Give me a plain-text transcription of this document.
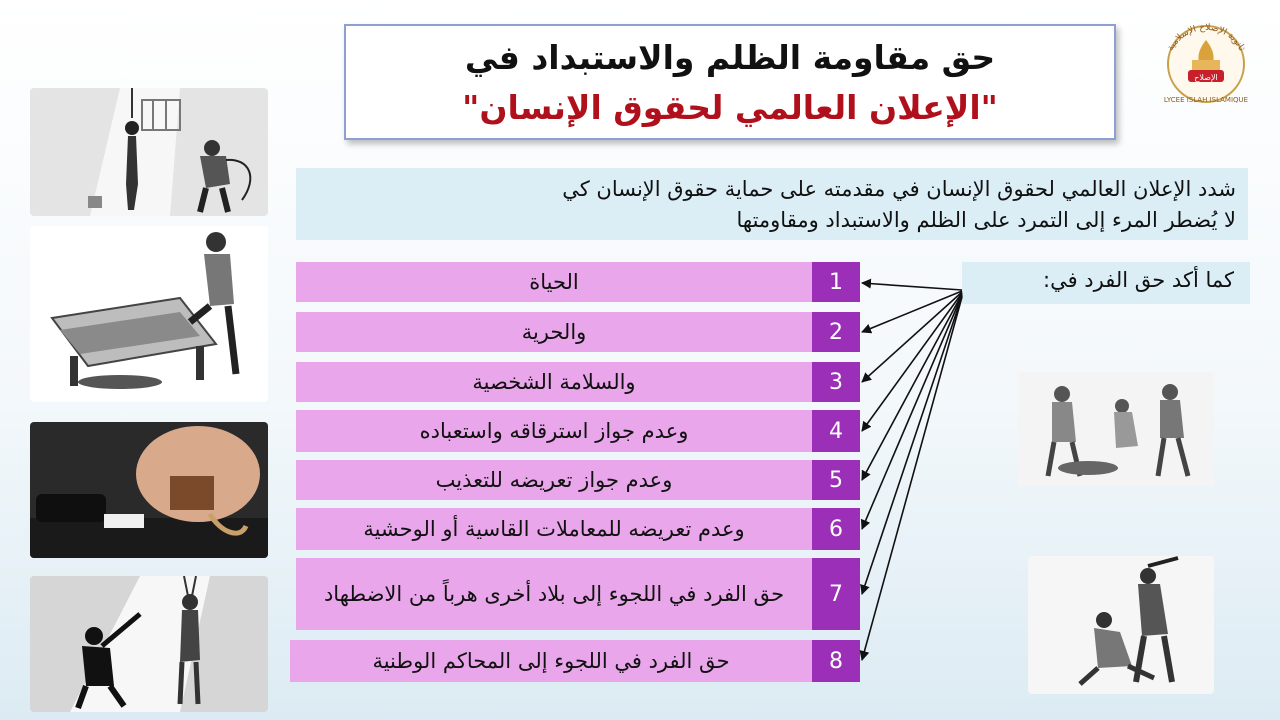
حق مقاومة الظلم والاستبداد في
"الإعلان العالمي لحقوق الإنسان"
ثانوية الإصلاح الإسلامية
الإصلاح
LYCEE ISLAH ISLAMIQUE
شدد الإعلان العالمي لحقوق الإنسان في مقدمته على حماية حقوق الإنسان كي
لا يُضطر المرء إلى التمرد على الظلم والاستبداد ومقاومتها
كما أكد حق الفرد في:
الحياة	1
والحرية	2
والسلامة الشخصية	3
وعدم جواز استرقاقه واستعباده	4
وعدم جواز تعريضه للتعذيب	5
وعدم تعريضه للمعاملات القاسية أو الوحشية	6
حق الفرد في اللجوء إلى بلاد أخرى هرباً من الاضطهاد	7
حق الفرد في اللجوء إلى المحاكم الوطنية	8
